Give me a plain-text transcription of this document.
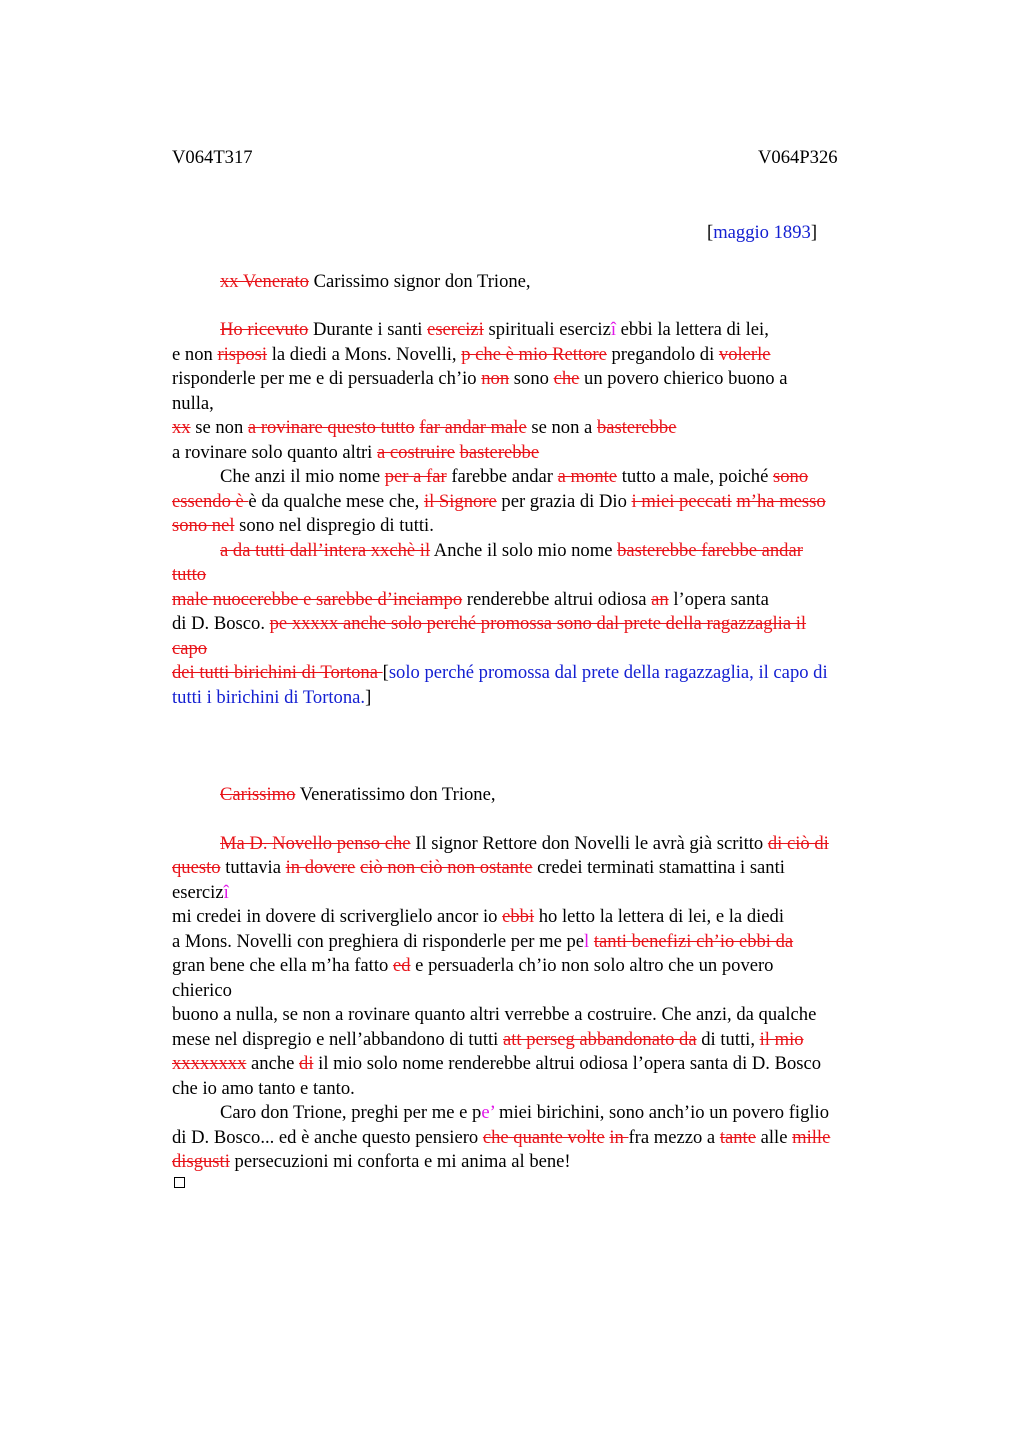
V064T317	V064P326
[maggio 1893]
xx Venerato Carissimo signor don Trione,
Ho ricevuto Durante i santi esercizi spirituali esercizî ebbi la lettera di lei,
e non risposi la diedi a Mons. Novelli, p che è mio Rettore pregandolo di volerle
risponderle per me e di persuaderla ch’io non sono che un povero chierico buono a
nulla,
xx se non a rovinare questo tutto far andar male se non a basterebbe
a rovinare solo quanto altri a costruire basterebbe
Che anzi il mio nome per a far farebbe andar a monte tutto a male, poiché sono
essendo è è da qualche mese che, il Signore per grazia di Dio i miei peccati m’ha messo
sono nel sono nel dispregio di tutti.
a da tutti dall’intera xxchè il Anche il solo mio nome basterebbe farebbe andar
tutto
male nuocerebbe e sarebbe d’inciampo renderebbe altrui odiosa an l’opera santa
di D. Bosco. pe xxxxx anche solo perché promossa sono dal prete della ragazzaglia il
capo
dei tutti birichini di Tortona [solo perché promossa dal prete della ragazzaglia, il capo di
tutti i birichini di Tortona.]
Carissimo Veneratissimo don Trione,
Ma D. Novello penso che Il signor Rettore don Novelli le avrà già scritto di ciò di
questo tuttavia in dovere ciò non ciò non ostante credei terminati stamattina i santi
esercizî
mi credei in dovere di scriverglielo ancor io ebbi ho letto la lettera di lei, e la diedi
a Mons. Novelli con preghiera di risponderle per me pel tanti benefizi ch’io ebbi da
gran bene che ella m’ha fatto ed e persuaderla ch’io non solo altro che un povero
chierico
buono a nulla, se non a rovinare quanto altri verrebbe a costruire. Che anzi, da qualche
mese nel dispregio e nell’abbandono di tutti att perseg abbandonato da di tutti, il mio
xxxxxxxx anche di il mio solo nome renderebbe altrui odiosa l’opera santa di D. Bosco
che io amo tanto e tanto.
Caro don Trione, preghi per me e pe’ miei birichini, sono anch’io un povero figlio
di D. Bosco... ed è anche questo pensiero che quante volte in fra mezzo a tante alle mille
disgusti persecuzioni mi conforta e mi anima al bene!
